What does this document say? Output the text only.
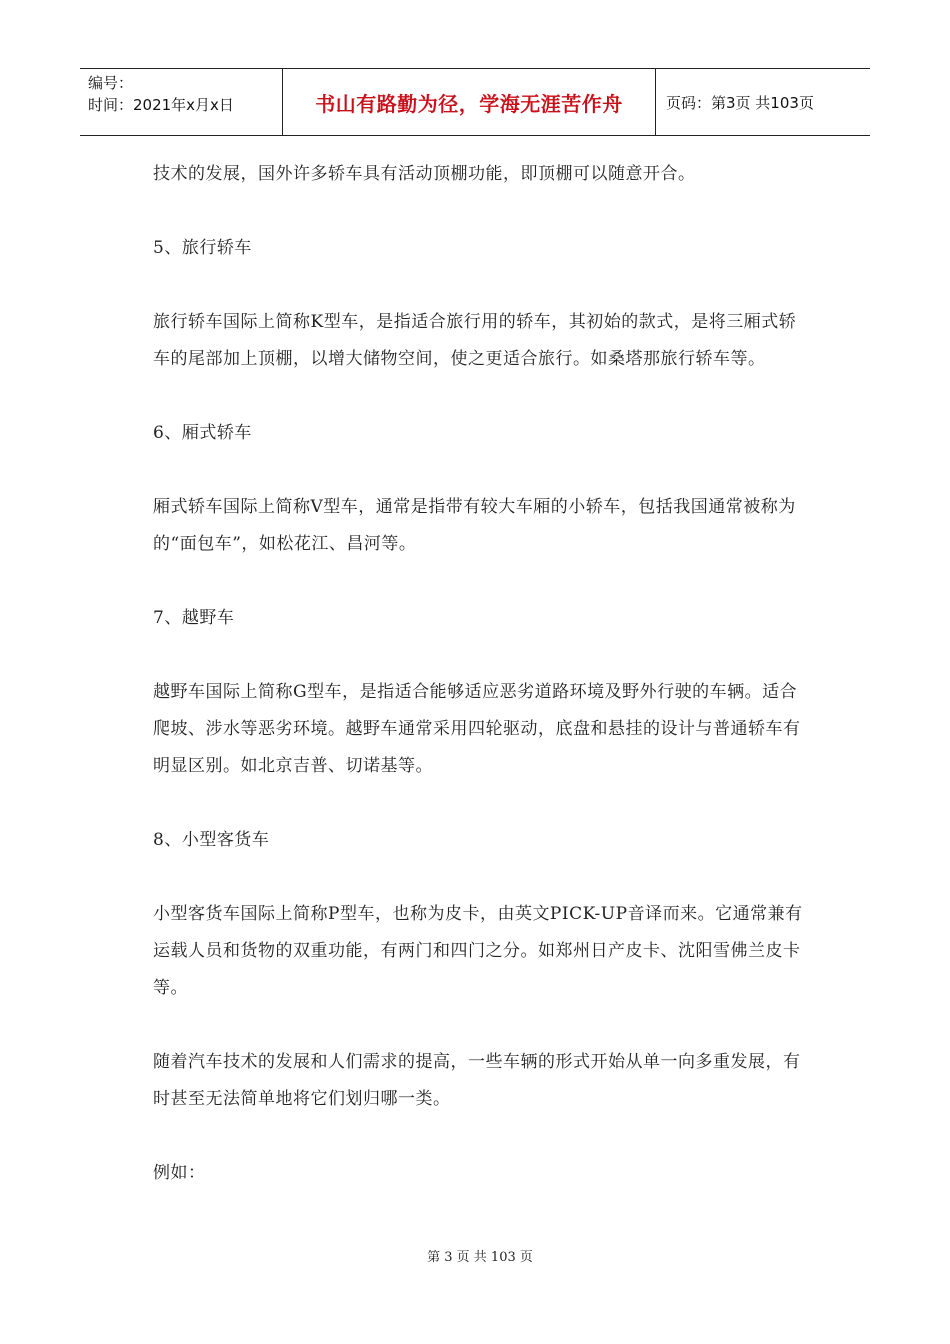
编号：
时间：2021年x月x日	书山有路勤为径，学海无涯苦作舟	页码：第3页 共103页

技术的发展，国外许多轿车具有活动顶棚功能，即顶棚可以随意开合。

5、旅行轿车

旅行轿车国际上简称K型车，是指适合旅行用的轿车，其初始的款式，是将三厢式轿车的尾部加上顶棚，以增大储物空间，使之更适合旅行。如桑塔那旅行轿车等。

6、厢式轿车

厢式轿车国际上简称V型车，通常是指带有较大车厢的小轿车，包括我国通常被称为的“面包车”，如松花江、昌河等。

7、越野车

越野车国际上简称G型车，是指适合能够适应恶劣道路环境及野外行驶的车辆。适合爬坡、涉水等恶劣环境。越野车通常采用四轮驱动，底盘和悬挂的设计与普通轿车有明显区别。如北京吉普、切诺基等。

8、小型客货车

小型客货车国际上简称P型车，也称为皮卡，由英文PICK-UP音译而来。它通常兼有运载人员和货物的双重功能，有两门和四门之分。如郑州日产皮卡、沈阳雪佛兰皮卡等。

随着汽车技术的发展和人们需求的提高，一些车辆的形式开始从单一向多重发展，有时甚至无法简单地将它们划归哪一类。

例如：

第 3 页 共 103 页
